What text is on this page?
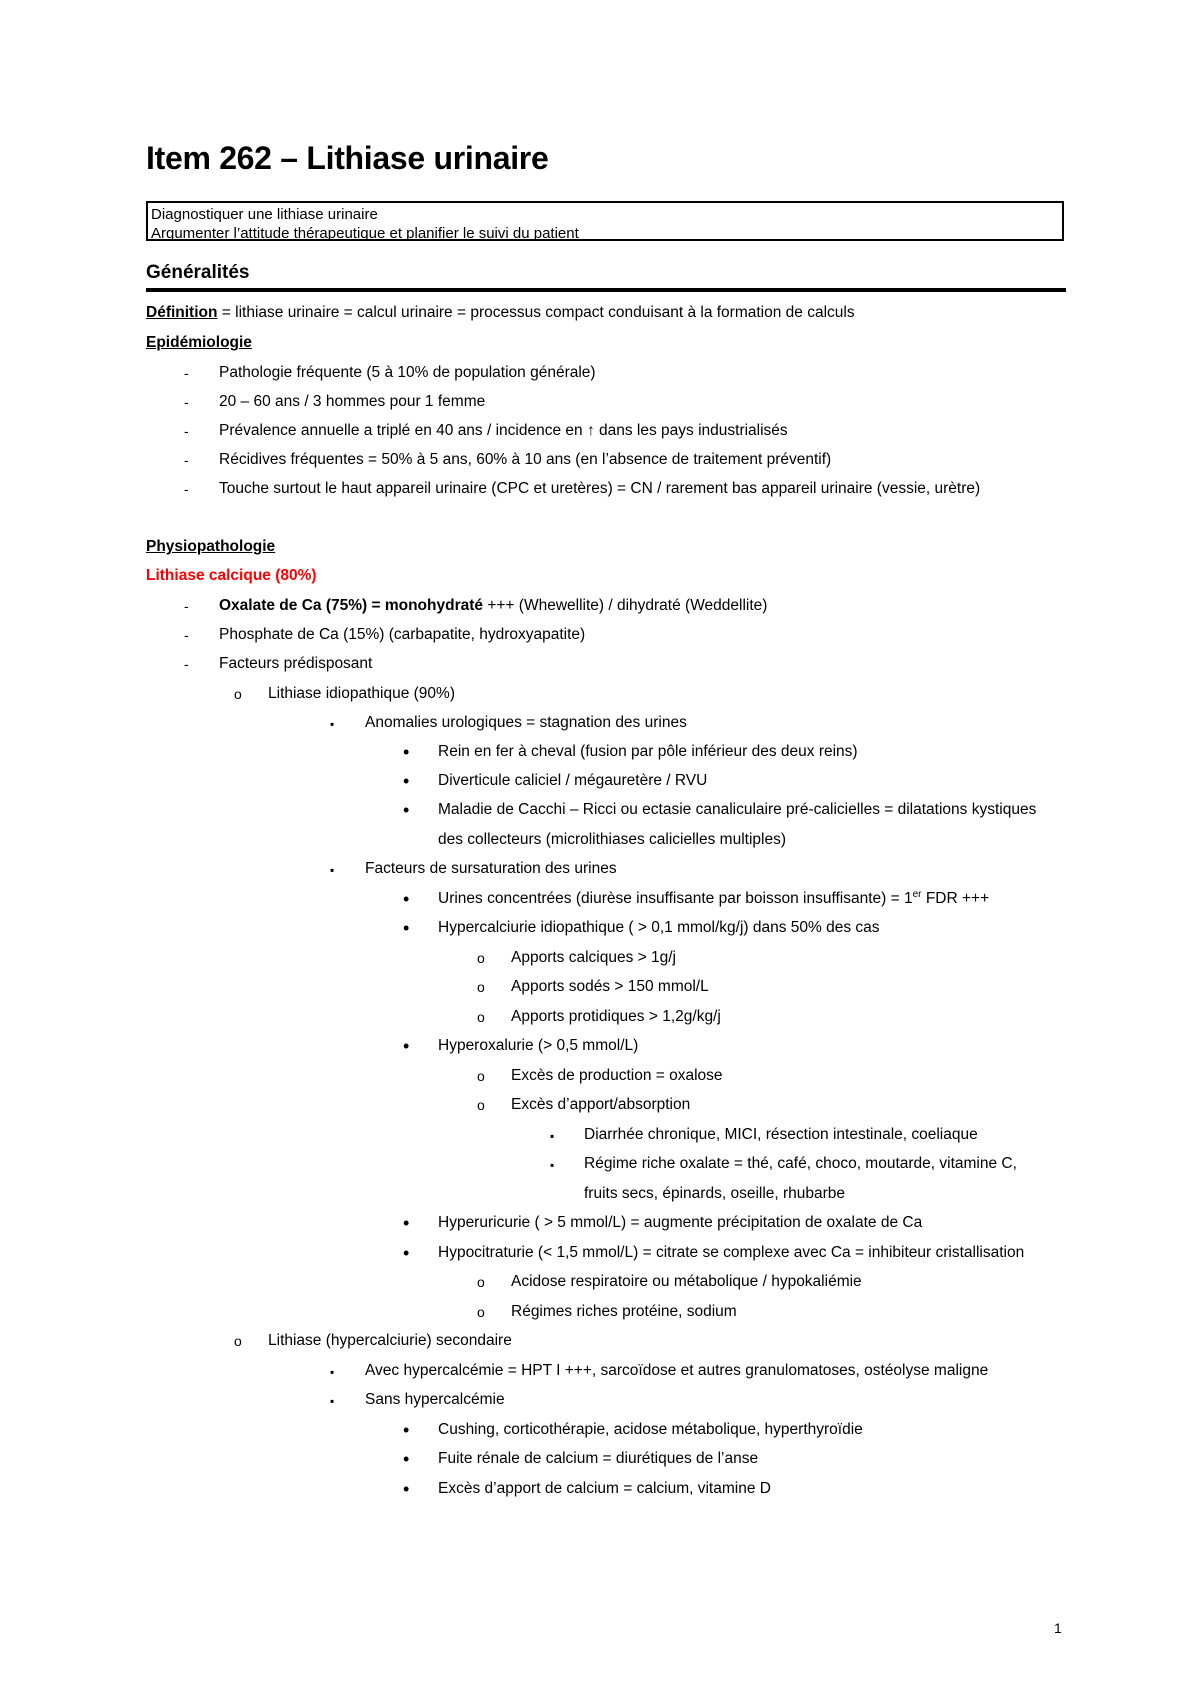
Item 262 – Lithiase urinaire
Diagnostiquer une lithiase urinaire
Argumenter l’attitude thérapeutique et planifier le suivi du patient
Généralités
Définition = lithiase urinaire = calcul urinaire = processus compact conduisant à la formation de calculs
Epidémiologie
-
Pathologie fréquente (5 à 10% de population générale)
-
20 – 60 ans / 3 hommes pour 1 femme
-
Prévalence annuelle a triplé en 40 ans / incidence en ↑ dans les pays industrialisés
-
Récidives fréquentes = 50% à 5 ans, 60% à 10 ans (en l’absence de traitement préventif)
-
Touche surtout le haut appareil urinaire (CPC et uretères) = CN / rarement bas appareil urinaire (vessie, urètre)
Physiopathologie
Lithiase calcique (80%)
-
Oxalate de Ca (75%) = monohydraté +++ (Whewellite) / dihydraté (Weddellite)
-
Phosphate de Ca (15%) (carbapatite, hydroxyapatite)
-
Facteurs prédisposant
o
Lithiase idiopathique (90%)
▪
Anomalies urologiques = stagnation des urines
•
Rein en fer à cheval (fusion par pôle inférieur des deux reins)
•
Diverticule caliciel / mégauretère / RVU
•
Maladie de Cacchi – Ricci ou ectasie canaliculaire pré-calicielles = dilatations kystiques
des collecteurs (microlithiases calicielles multiples)
▪
Facteurs de sursaturation des urines
•
Urines concentrées (diurèse insuffisante par boisson insuffisante) = 1er FDR +++
•
Hypercalciurie idiopathique ( > 0,1 mmol/kg/j) dans 50% des cas
o
Apports calciques > 1g/j
o
Apports sodés > 150 mmol/L
o
Apports protidiques > 1,2g/kg/j
•
Hyperoxalurie (> 0,5 mmol/L)
o
Excès de production = oxalose
o
Excès d’apport/absorption
▪
Diarrhée chronique, MICI, résection intestinale, coeliaque
▪
Régime riche oxalate = thé, café, choco, moutarde, vitamine C,
fruits secs, épinards, oseille, rhubarbe
•
Hyperuricurie ( > 5 mmol/L) = augmente précipitation de oxalate de Ca
•
Hypocitraturie (< 1,5 mmol/L) = citrate se complexe avec Ca = inhibiteur cristallisation
o
Acidose respiratoire ou métabolique / hypokaliémie
o
Régimes riches protéine, sodium
o
Lithiase (hypercalciurie) secondaire
▪
Avec hypercalcémie = HPT I +++, sarcoïdose et autres granulomatoses, ostéolyse maligne
▪
Sans hypercalcémie
•
Cushing, corticothérapie, acidose métabolique, hyperthyroïdie
•
Fuite rénale de calcium = diurétiques de l’anse
•
Excès d’apport de calcium = calcium, vitamine D
1
